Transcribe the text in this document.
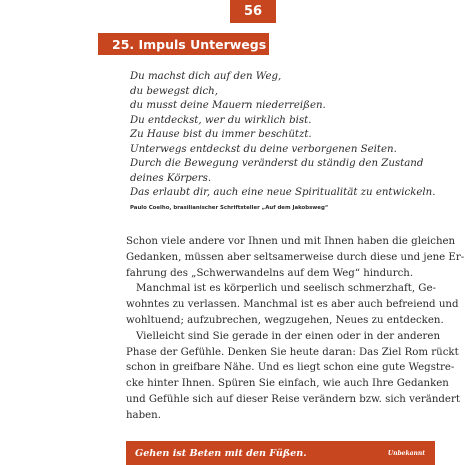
56
25. Impuls Unterwegs sein
Du machst dich auf den Weg,
du bewegst dich,
du musst deine Mauern niederreißen.
Du entdeckst, wer du wirklich bist.
Zu Hause bist du immer beschützt.
Unterwegs entdeckst du deine verborgenen Seiten.
Durch die Bewegung veränderst du ständig den Zustand
deines Körpers.
Das erlaubt dir, auch eine neue Spiritualität zu entwickeln.
Paulo Coelho, brasilianischer Schriftsteller „Auf dem Jakobsweg“

Schon viele andere vor Ihnen und mit Ihnen haben die gleichen
Gedanken, müssen aber seltsamerweise durch diese und jene Er-
fahrung des „Schwerwandelns auf dem Weg“ hindurch.

Manchmal ist es körperlich und seelisch schmerzhaft, Ge-
wohntes zu verlassen. Manchmal ist es aber auch befreiend und
wohltuend; aufzubrechen, wegzugehen, Neues zu entdecken.

Vielleicht sind Sie gerade in der einen oder in der anderen
Phase der Gefühle. Denken Sie heute daran: Das Ziel Rom rückt
schon in greifbare Nähe. Und es liegt schon eine gute Wegstre-
cke hinter Ihnen. Spüren Sie einfach, wie auch Ihre Gedanken
und Gefühle sich auf dieser Reise verändern bzw. sich verändert
haben.

Gehen ist Beten mit den Füßen.	Unbekannt
